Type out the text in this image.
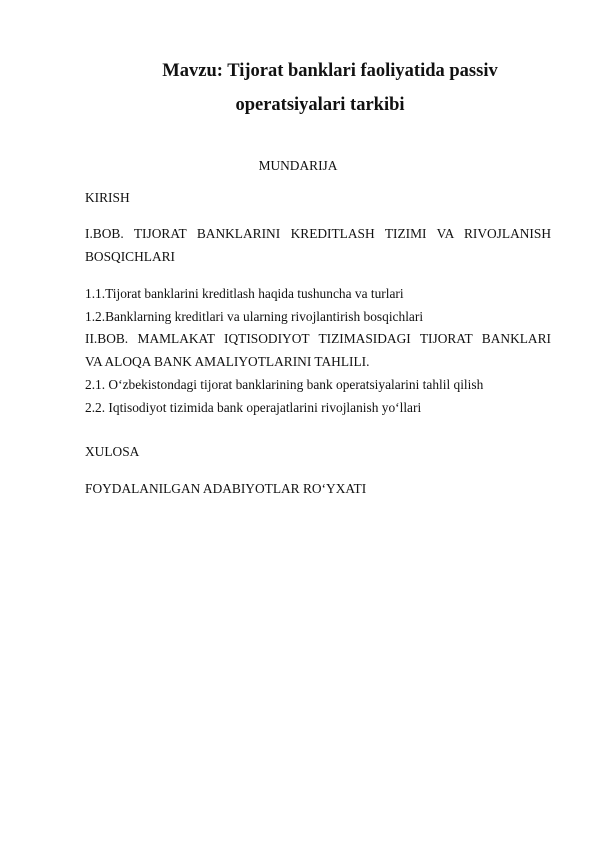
Mavzu: Tijorat banklari faoliyatida passiv
operatsiyalari tarkibi
MUNDARIJA
KIRISH
I.BOB. TIJORAT BANKLARINI KREDITLASH TIZIMI VA RIVOJLANISH
BOSQICHLARI
1.1.Tijorat banklarini kreditlash haqida tushuncha va turlari
1.2.Banklarning kreditlari va ularning rivojlantirish bosqichlari
II.BOB. MAMLAKAT IQTISODIYOT TIZIMASIDAGI TIJORAT BANKLARI
VA ALOQA BANK AMALIYOTLARINI TAHLILI.
2.1. O‘zbekistondagi tijorat banklarining bank operatsiyalarini tahlil qilish
2.2. Iqtisodiyot tizimida bank operajatlarini rivojlanish yo‘llari
XULOSA
FOYDALANILGAN ADABIYOTLAR RO‘YXATI
